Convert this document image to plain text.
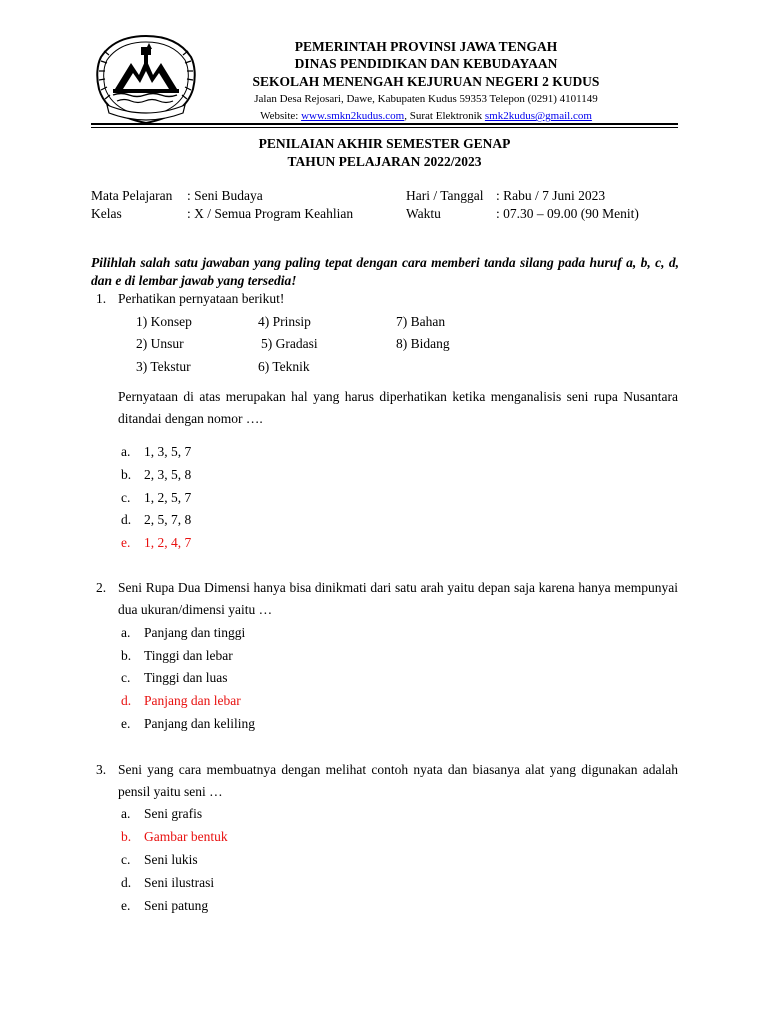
PEMERINTAH PROVINSI JAWA TENGAH
DINAS PENDIDIKAN DAN KEBUDAYAAN
SEKOLAH MENENGAH KEJURUAN NEGERI 2 KUDUS
Jalan Desa Rejosari, Dawe, Kabupaten Kudus 59353 Telepon (0291) 4101149
Website: www.smkn2kudus.com, Surat Elektronik smk2kudus@gmail.com
PENILAIAN AKHIR SEMESTER GENAP
TAHUN PELAJARAN 2022/2023
Mata Pelajaran : Seni Budaya
Kelas	: X / Semua Program Keahlian
Hari / Tanggal : Rabu / 7 Juni 2023
Waktu	: 07.30 – 09.00 (90 Menit)
Pilihlah salah satu jawaban yang paling tepat dengan cara memberi tanda silang pada huruf a, b, c, d, dan e di lembar jawab yang tersedia!
1. Perhatikan pernyataan berikut!
1) Konsep	4) Prinsip	7) Bahan
2) Unsur	5) Gradasi	8) Bidang
3) Tekstur	6) Teknik
Pernyataan di atas merupakan hal yang harus diperhatikan ketika menganalisis seni rupa Nusantara ditandai dengan nomor ….
a. 1, 3, 5, 7
b. 2, 3, 5, 8
c. 1, 2, 5, 7
d. 2, 5, 7, 8
e. 1, 2, 4, 7
2. Seni Rupa Dua Dimensi hanya bisa dinikmati dari satu arah yaitu depan saja karena hanya mempunyai dua ukuran/dimensi yaitu …
a. Panjang dan tinggi
b. Tinggi dan lebar
c. Tinggi dan luas
d. Panjang dan lebar
e. Panjang dan keliling
3. Seni yang cara membuatnya dengan melihat contoh nyata dan biasanya alat yang digunakan adalah pensil yaitu seni …
a. Seni grafis
b. Gambar bentuk
c. Seni lukis
d. Seni ilustrasi
e. Seni patung
